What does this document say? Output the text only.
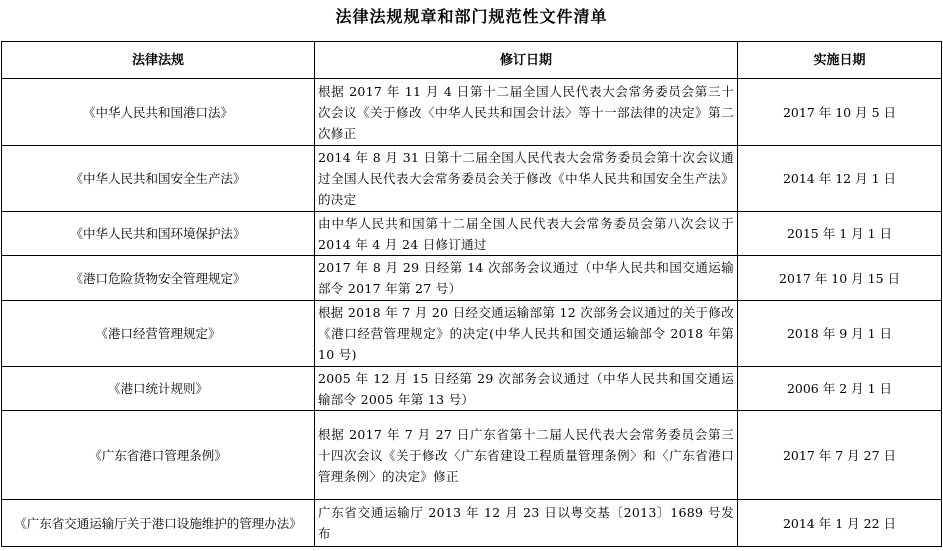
法律法规规章和部门规范性文件清单
法律法规	修订日期	实施日期
《中华人民共和国港口法》	根据 2017 年 11 月 4 日第十二届全国人民代表大会常务委员会第三十次会议《关于修改〈中华人民共和国会计法〉等十一部法律的决定》第二次修正	2017 年 10 月 5 日
《中华人民共和国安全生产法》	2014 年 8 月 31 日第十二届全国人民代表大会常务委员会第十次会议通过全国人民代表大会常务委员会关于修改《中华人民共和国安全生产法》的决定	2014 年 12 月 1 日
《中华人民共和国环境保护法》	由中华人民共和国第十二届全国人民代表大会常务委员会第八次会议于 2014 年 4 月 24 日修订通过	2015 年 1 月 1 日
《港口危险货物安全管理规定》	2017 年 8 月 29 日经第 14 次部务会议通过（中华人民共和国交通运输部令 2017 年第 27 号）	2017 年 10 月 15 日
《港口经营管理规定》	根据 2018 年 7 月 20 日经交通运输部第 12 次部务会议通过的关于修改《港口经营管理规定》的决定(中华人民共和国交通运输部令 2018 年第 10 号)	2018 年 9 月 1 日
《港口统计规则》	2005 年 12 月 15 日经第 29 次部务会议通过（中华人民共和国交通运输部令 2005 年第 13 号）	2006 年 2 月 1 日
《广东省港口管理条例》	根据 2017 年 7 月 27 日广东省第十二届人民代表大会常务委员会第三十四次会议《关于修改〈广东省建设工程质量管理条例〉和〈广东省港口管理条例〉的决定》修正	2017 年 7 月 27 日
《广东省交通运输厅关于港口设施维护的管理办法》	广东省交通运输厅 2013 年 12 月 23 日以粤交基〔2013〕1689 号发布	2014 年 1 月 22 日
